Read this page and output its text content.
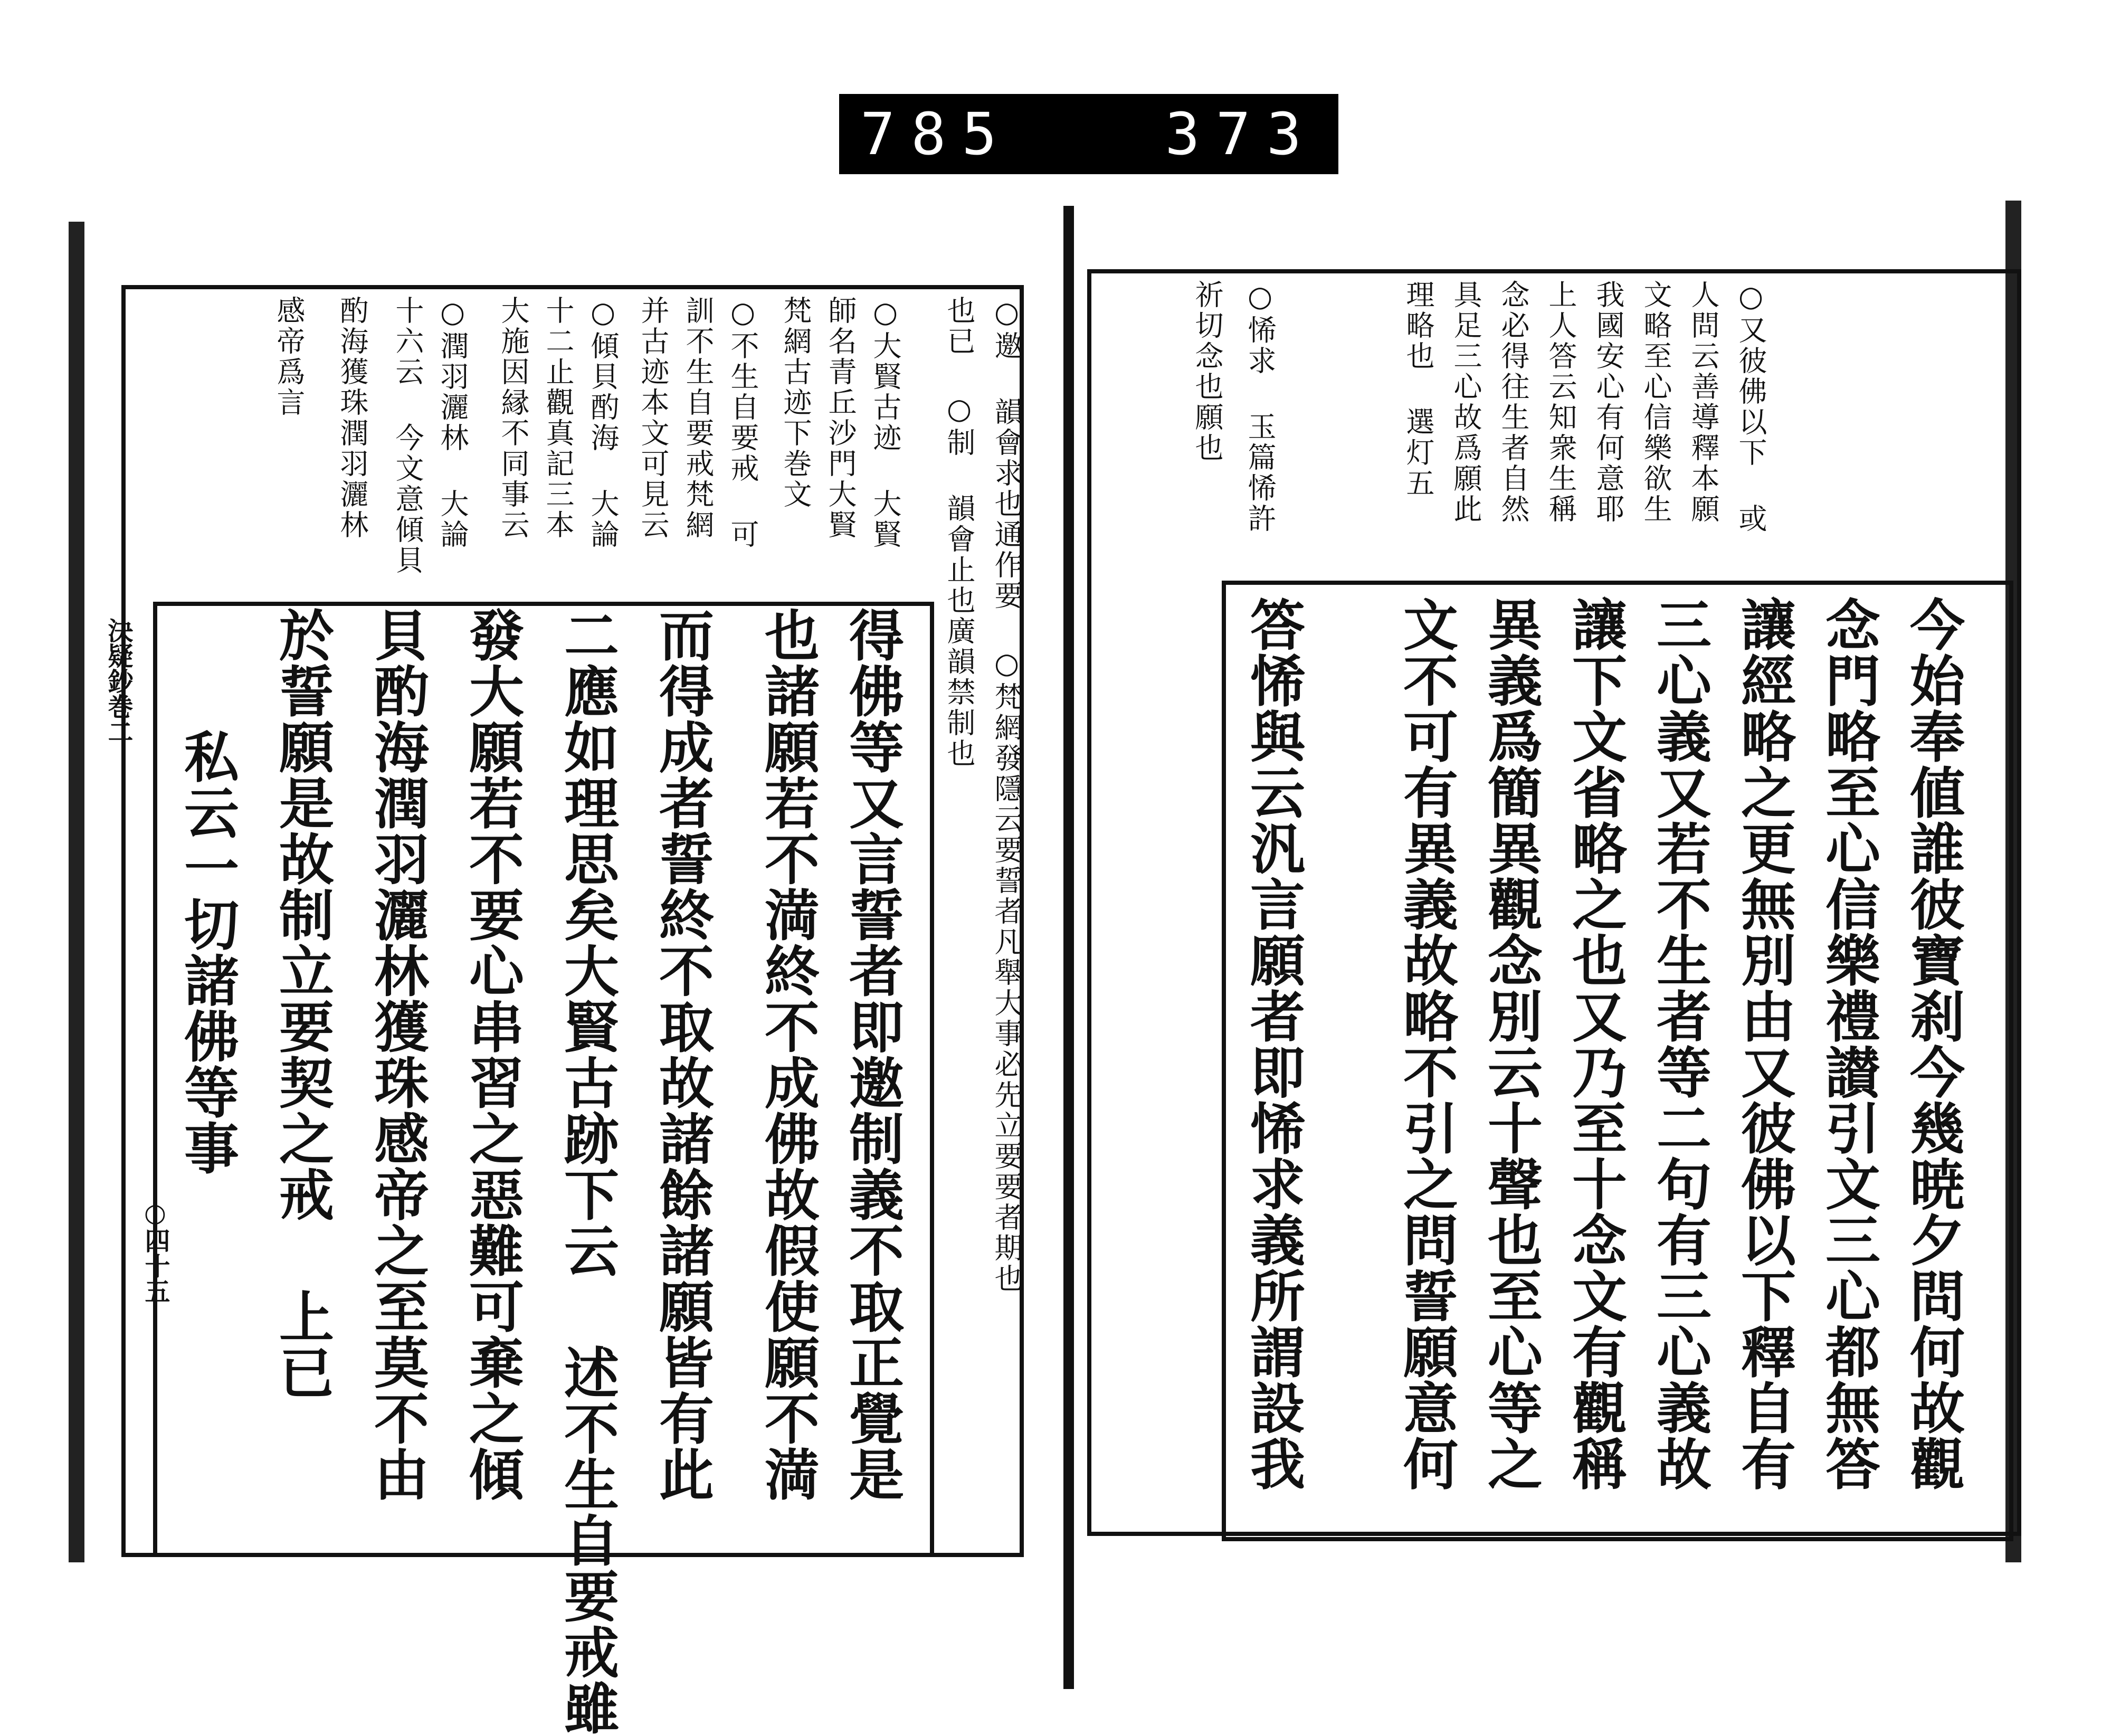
785	373
○又彼佛以下 或
人問云善導釋本願
文略至心信樂欲生
我國安心有何意耶
上人答云知衆生稱
念必得往生者自然
具足三心故爲願此
理略也 選灯五
○悕求 玉篇悕許
祈切念也願也
今始奉値誰彼寶刹今幾暁夕問何故觀
念門略至心信樂禮讃引文三心都無答
讓經略之更無別由又彼佛以下釋自有
三心義又若不生者等二句有三心義故
讓下文省略之也又乃至十念文有觀稱
異義爲簡異觀念別云十聲也至心等之
文不可有異義故略不引之問誓願意何
答悕與云汎言願者即悕求義所謂設我
○邀 韻會求也通作要 ○梵網發隱云要誓者凡舉大事必先立要要者期也
也已 ○制 韻會止也廣韻禁制也
○大賢古迹 大賢
師名青丘沙門大賢
梵網古迹下巻文
○不生自要戒 可
訓不生自要戒梵網
并古迹本文可見云
○傾貝酌海 大論
十二止觀真記三本
大施因縁不同事云
○潤羽灑林 大論
十六云 今文意傾貝
酌海獲珠潤羽灑林
感帝爲言
得佛等又言誓者即邀制義不取正覺是
也諸願若不満終不成佛故假使願不満
而得成者誓終不取故諸餘諸願皆有此
二應如理思矣大賢古跡下云 述不生自要戒雖
發大願若不要心串習之惡難可棄之傾
貝酌海潤羽灑林獲珠感帝之至莫不由
於誓願是故制立要契之戒 上已
私云一切諸佛等事
決疑鈔巻二
○四十五
